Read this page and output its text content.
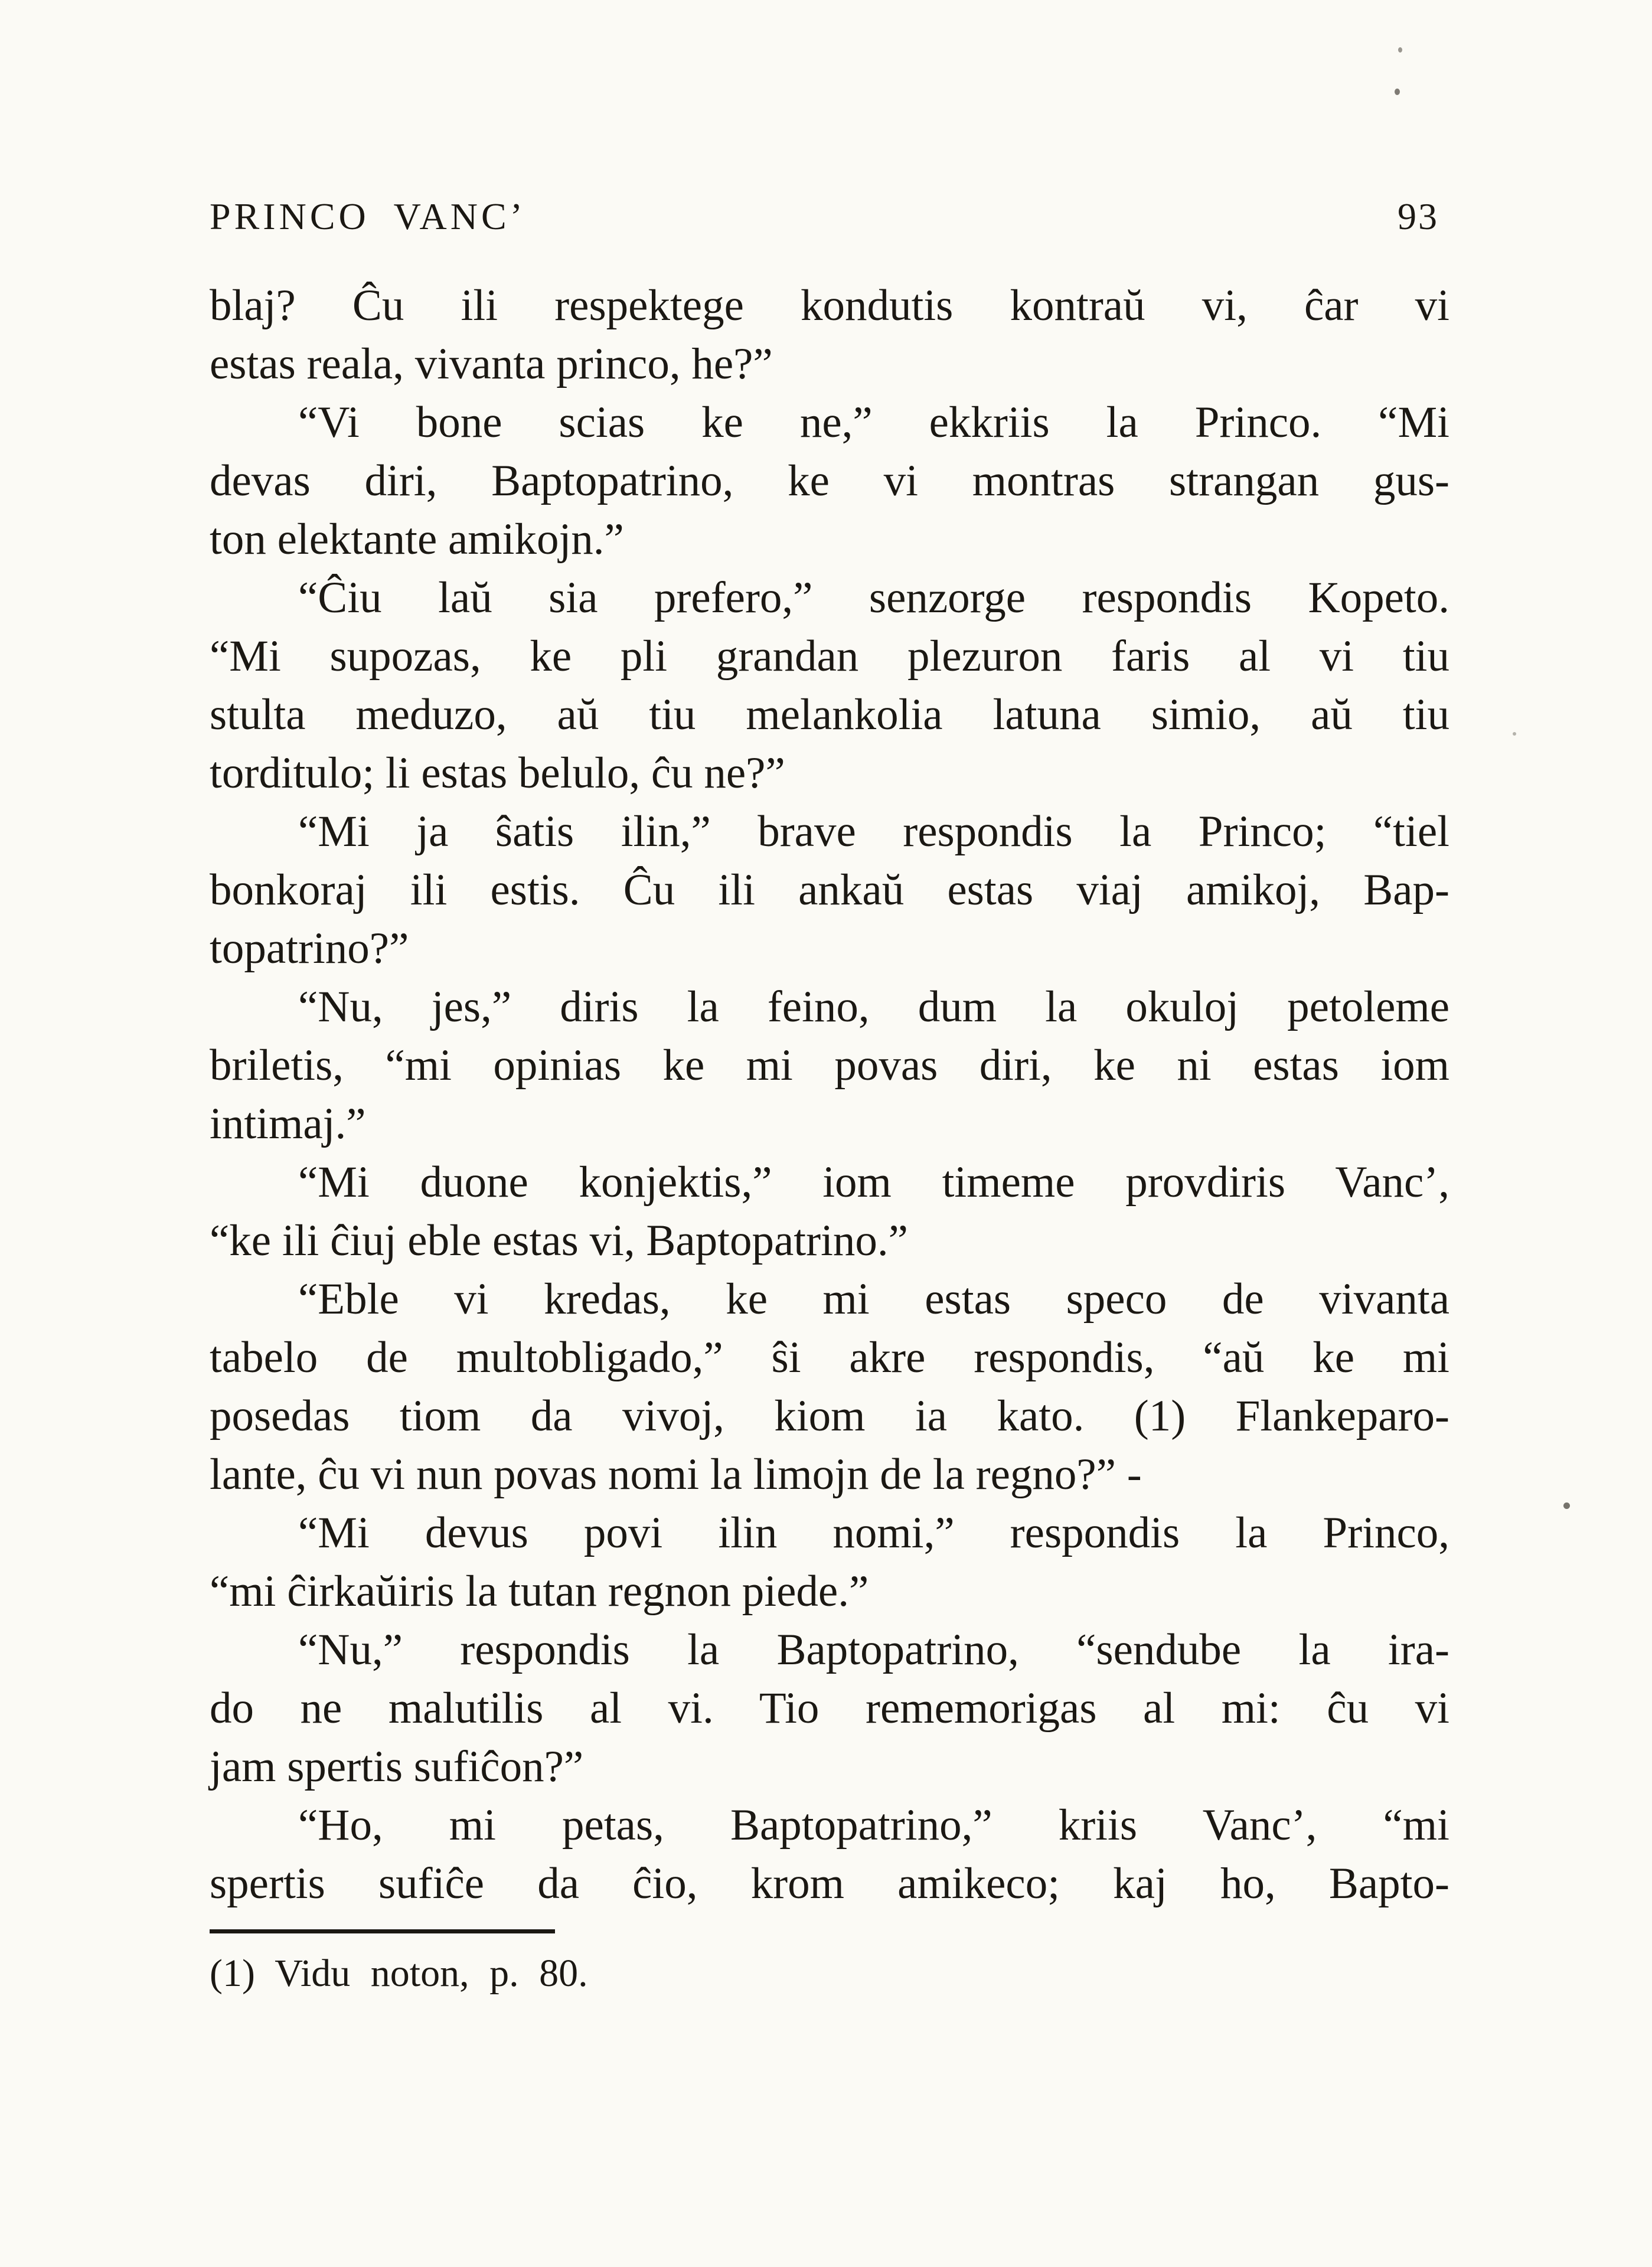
PRINCO VANC’	93
blaj? Ĉu ili respektege kondutis kontraŭ vi, ĉar vi
estas reala, vivanta princo, he?”
“Vi bone scias ke ne,” ekkriis la Princo. “Mi
devas diri, Baptopatrino, ke vi montras strangan gus-
ton elektante amikojn.”
“Ĉiu laŭ sia prefero,” senzorge respondis Kopeto.
“Mi supozas, ke pli grandan plezuron faris al vi tiu
stulta meduzo, aŭ tiu melankolia latuna simio, aŭ tiu
torditulo; li estas belulo, ĉu ne?”
“Mi ja ŝatis ilin,” brave respondis la Princo; “tiel
bonkoraj ili estis. Ĉu ili ankaŭ estas viaj amikoj, Bap-
topatrino?”
“Nu, jes,” diris la feino, dum la okuloj petoleme
briletis, “mi opinias ke mi povas diri, ke ni estas iom
intimaj.”
“Mi duone konjektis,” iom timeme provdiris Vanc’,
“ke ili ĉiuj eble estas vi, Baptopatrino.”
“Eble vi kredas, ke mi estas speco de vivanta
tabelo de multobligado,” ŝi akre respondis, “aŭ ke mi
posedas tiom da vivoj, kiom ia kato. (1) Flankeparo-
lante, ĉu vi nun povas nomi la limojn de la regno?” -
“Mi devus povi ilin nomi,” respondis la Princo,
“mi ĉirkaŭiris la tutan regnon piede.”
“Nu,” respondis la Baptopatrino, “sendube la ira-
do ne malutilis al vi. Tio rememorigas al mi: ĉu vi
jam spertis sufiĉon?”
“Ho, mi petas, Baptopatrino,” kriis Vanc’, “mi
spertis sufiĉe da ĉio, krom amikeco; kaj ho, Bapto-
(1) Vidu noton, p. 80.
